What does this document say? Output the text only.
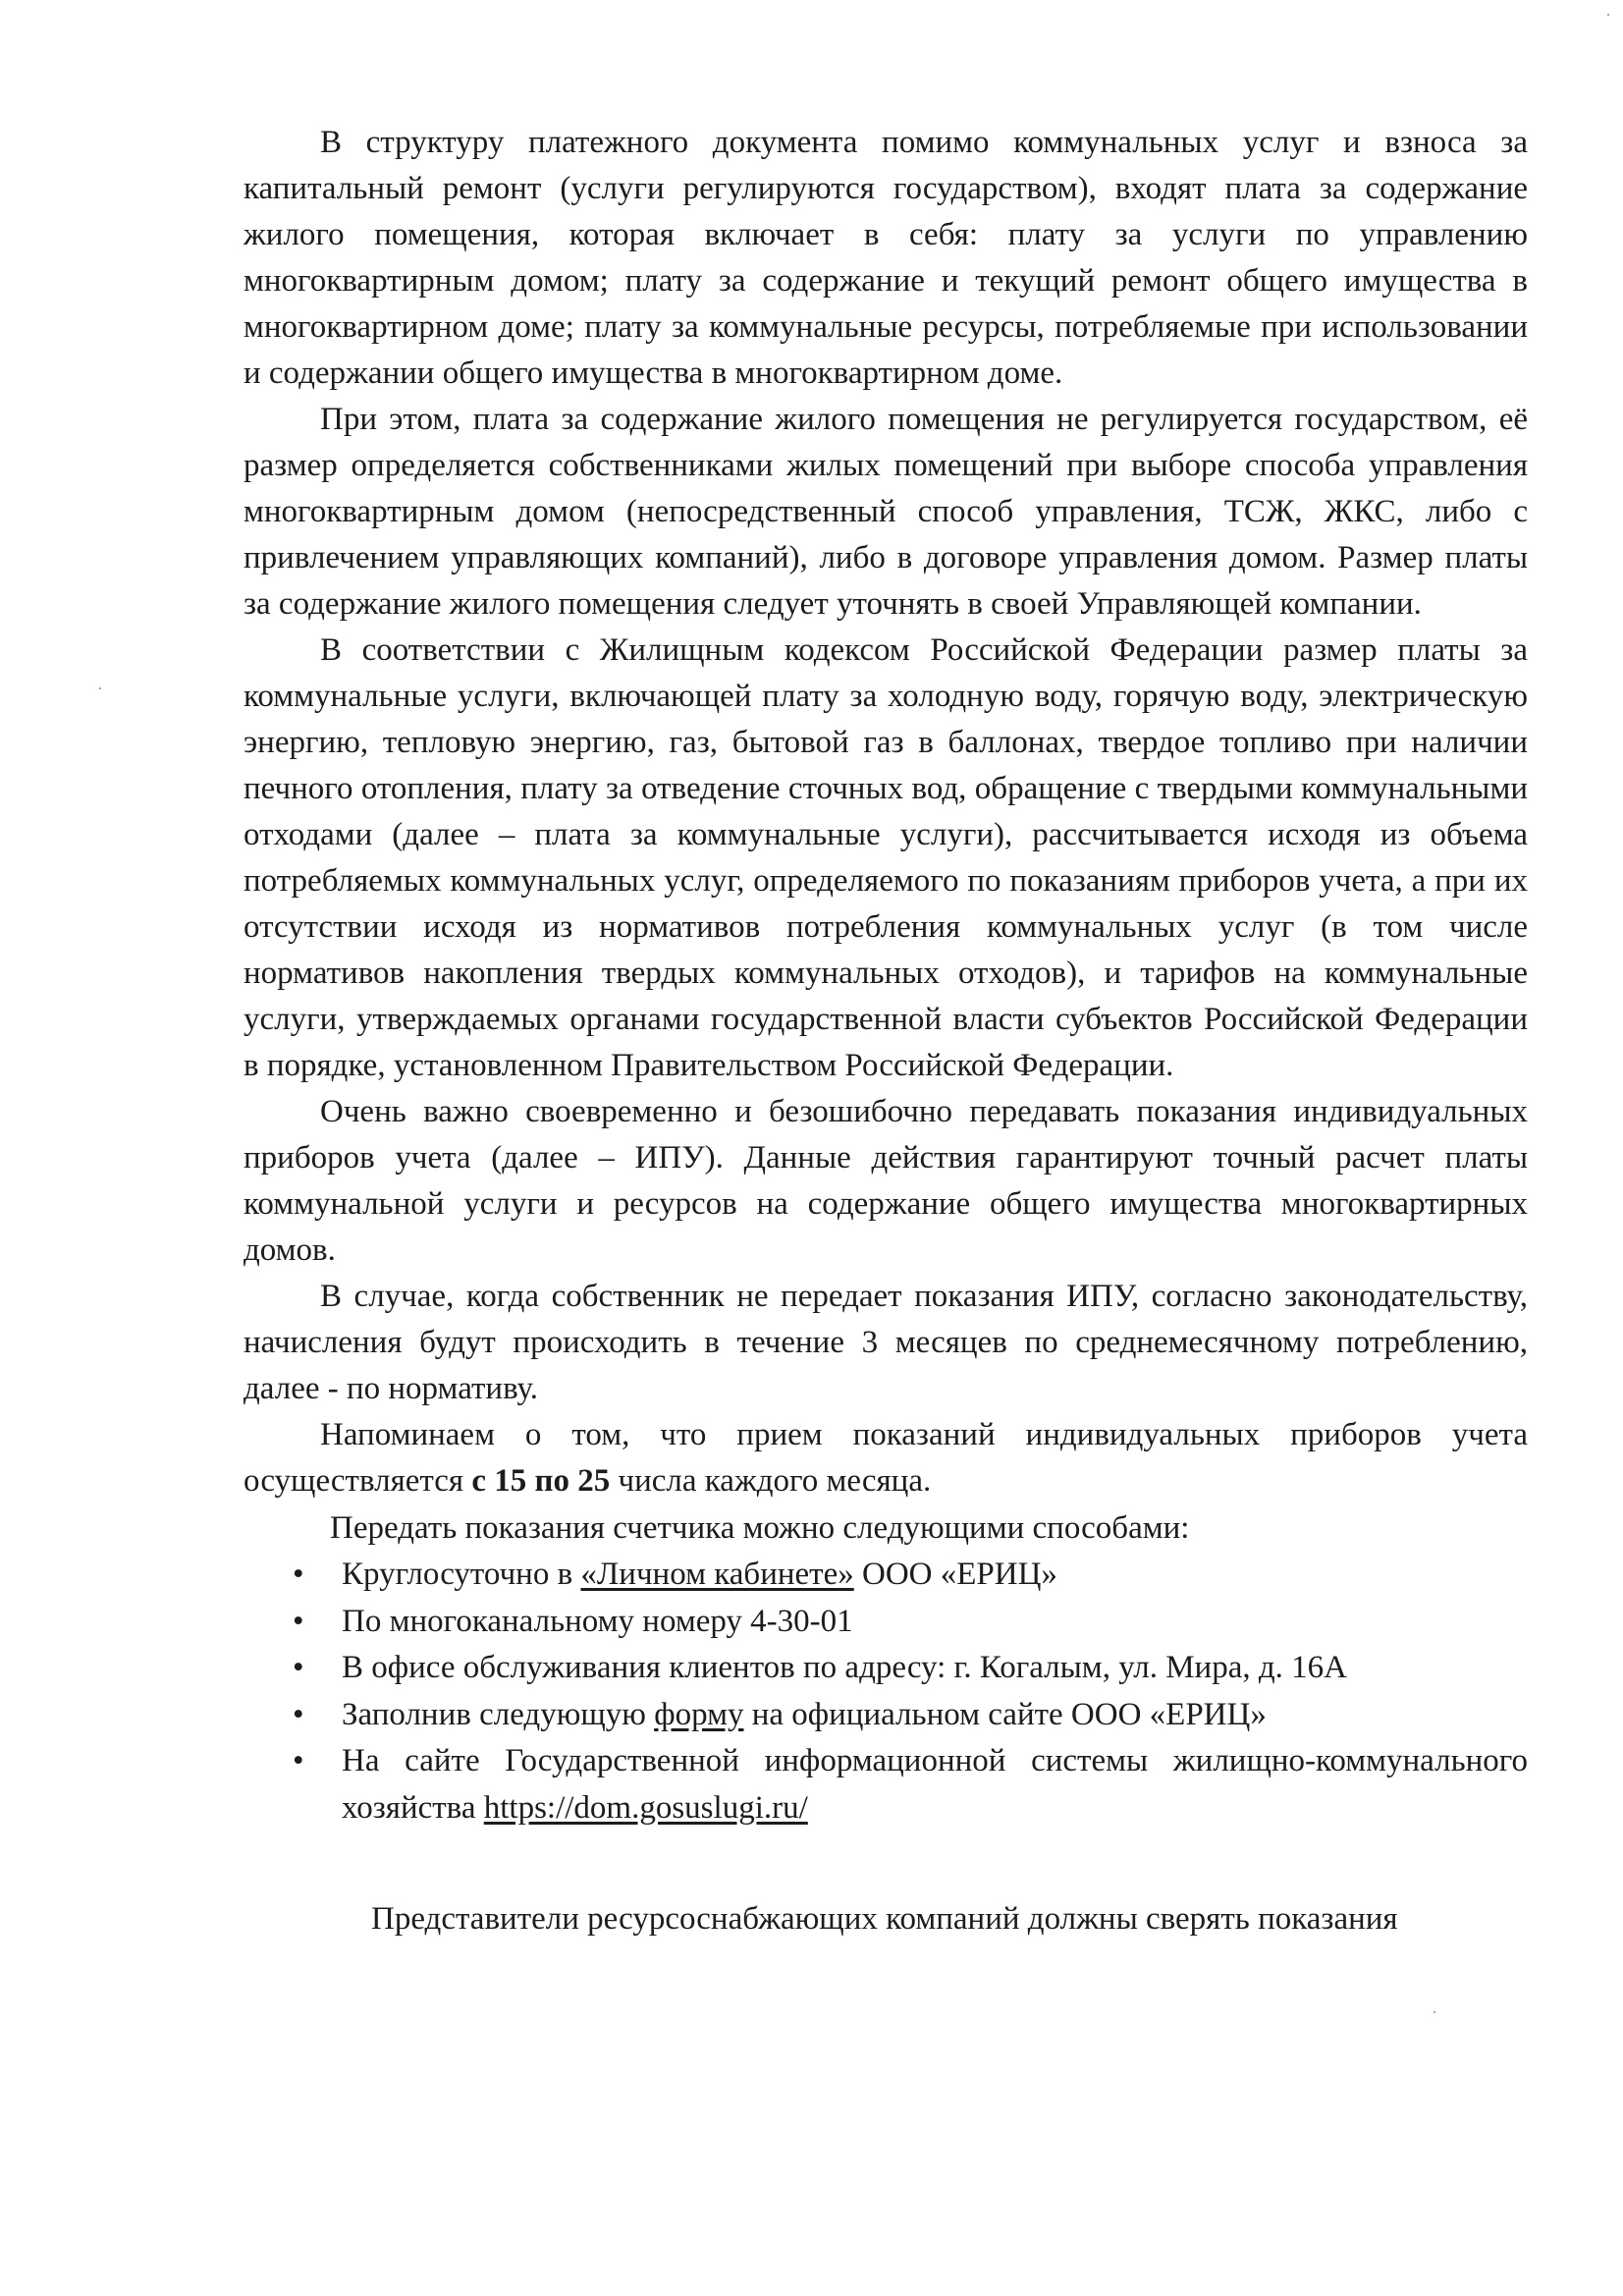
В структуру платежного документа помимо коммунальных услуг и взноса за капитальный ремонт (услуги регулируются государством), входят плата за содержание жилого помещения, которая включает в себя: плату за услуги по управлению многоквартирным домом; плату за содержание и текущий ремонт общего имущества в многоквартирном доме; плату за коммунальные ресурсы, потребляемые при использовании и содержании общего имущества в многоквартирном доме.

При этом, плата за содержание жилого помещения не регулируется государством, её размер определяется собственниками жилых помещений при выборе способа управления многоквартирным домом (непосредственный способ управления, ТСЖ, ЖКС, либо с привлечением управляющих компаний), либо в договоре управления домом. Размер платы за содержание жилого помещения следует уточнять в своей Управляющей компании.

В соответствии с Жилищным кодексом Российской Федерации размер платы за коммунальные услуги, включающей плату за холодную воду, горячую воду, электрическую энергию, тепловую энергию, газ, бытовой газ в баллонах, твердое топливо при наличии печного отопления, плату за отведение сточных вод, обращение с твердыми коммунальными отходами (далее – плата за коммунальные услуги), рассчитывается исходя из объема потребляемых коммунальных услуг, определяемого по показаниям приборов учета, а при их отсутствии исходя из нормативов потребления коммунальных услуг (в том числе нормативов накопления твердых коммунальных отходов), и тарифов на коммунальные услуги, утверждаемых органами государственной власти субъектов Российской Федерации в порядке, установленном Правительством Российской Федерации.

Очень важно своевременно и безошибочно передавать показания индивидуальных приборов учета (далее – ИПУ). Данные действия гарантируют точный расчет платы коммунальной услуги и ресурсов на содержание общего имущества многоквартирных домов.

В случае, когда собственник не передает показания ИПУ, согласно законодательству, начисления будут происходить в течение 3 месяцев по среднемесячному потреблению, далее - по нормативу.

Напоминаем о том, что прием показаний индивидуальных приборов учета осуществляется с 15 по 25 числа каждого месяца.

Передать показания счетчика можно следующими способами:

• Круглосуточно в «Личном кабинете» ООО «ЕРИЦ»
• По многоканальному номеру 4-30-01
• В офисе обслуживания клиентов по адресу: г. Когалым, ул. Мира, д. 16А
• Заполнив следующую форму на официальном сайте ООО «ЕРИЦ»
• На сайте Государственной информационной системы жилищно-коммунального хозяйства https://dom.gosuslugi.ru/

Представители ресурсоснабжающих компаний должны сверять показания
